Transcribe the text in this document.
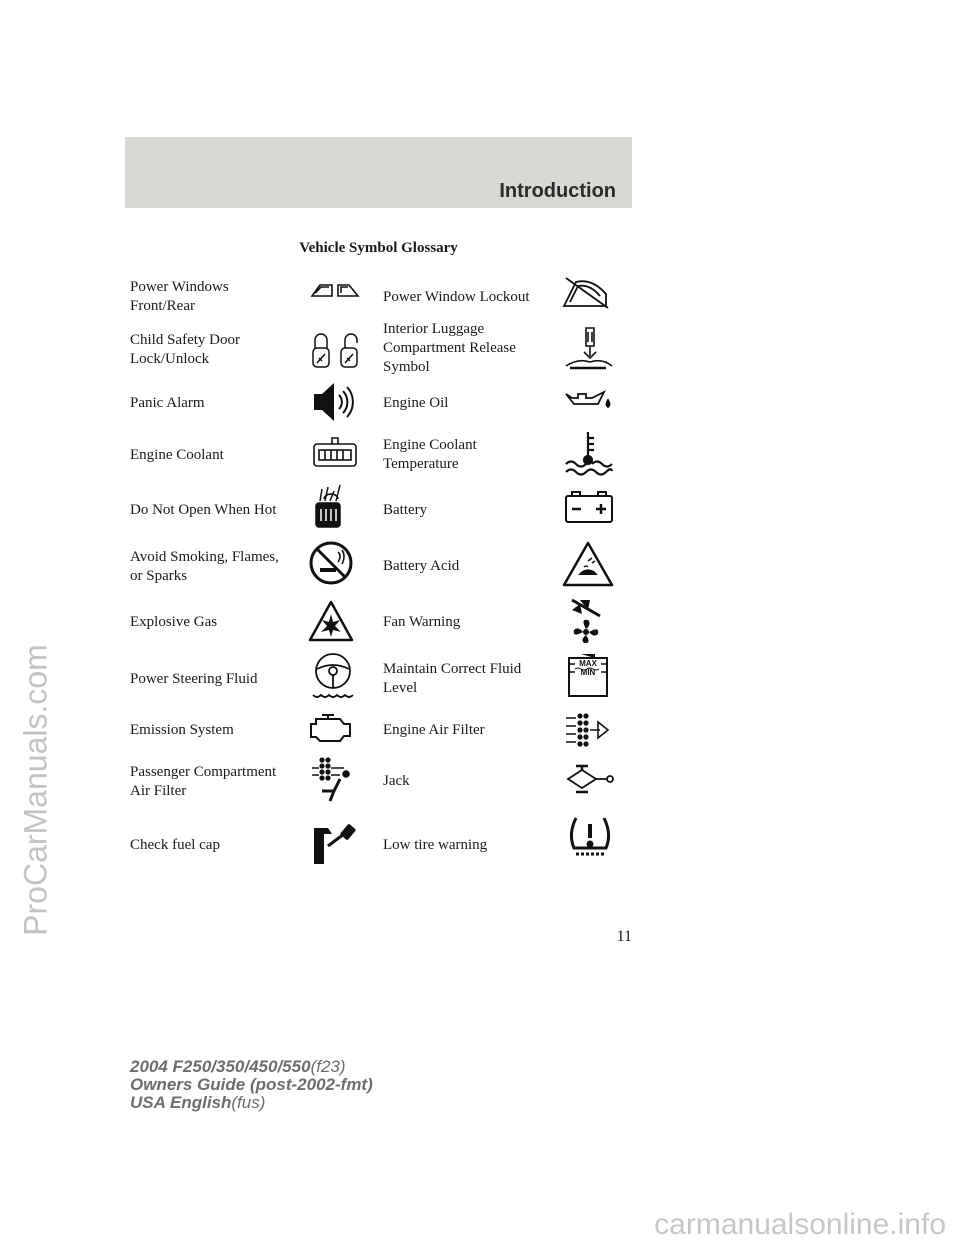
Introduction
Vehicle Symbol Glossary
Power Windows
Front/Rear
Child Safety Door
Lock/Unlock
Panic Alarm
Engine Coolant
Do Not Open When Hot
Avoid Smoking, Flames,
or Sparks
Explosive Gas
Power Steering Fluid
Emission System
Passenger Compartment
Air Filter
Check fuel cap
Power Window Lockout
Interior Luggage
Compartment Release
Symbol
Engine Oil
Engine Coolant
Temperature
Battery
Battery Acid
Fan Warning
Maintain Correct Fluid
Level
MAX
MIN
Engine Air Filter
Jack
Low tire warning
11
2004 F250/350/450/550(f23)
Owners Guide (post-2002-fmt)
USA English(fus)
ProCarManuals.com
carmanualsonline.info
